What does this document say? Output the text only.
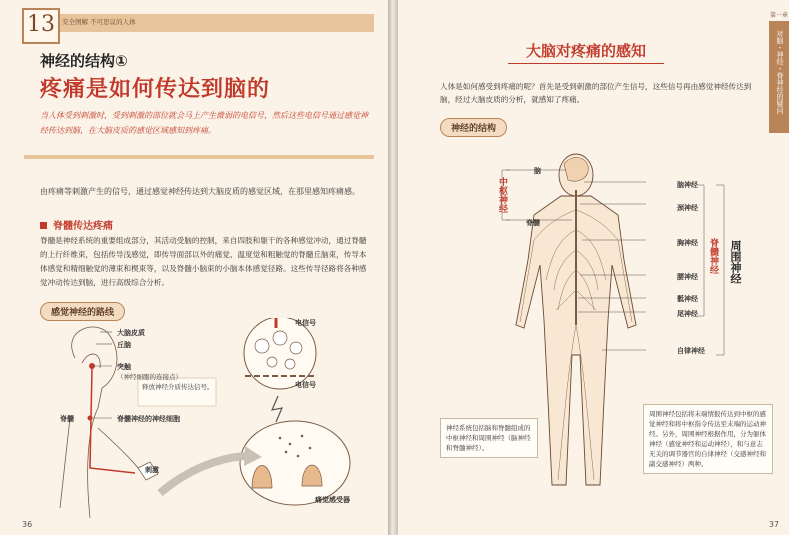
13	安全图解 不可思议的人体
神经的结构①
疼痛是如何传达到脑的
当人体受到刺激时，受到刺激的部位就会马上产生微弱的电信号，然后这些电信号通过感觉神经传达到脑，在大脑皮质的感觉区域感知到疼痛。
由疼痛等刺激产生的信号，通过感觉神经传达到大脑皮质的感觉区域，在那里感知疼痛感。
脊髓传达疼痛
脊髓是神经系统的重要组成部分，其活动受脑的控制，来自四肢和躯干的各种感觉冲动，通过脊髓的上行纤维束，包括传导浅感觉，即传导面部以外的痛觉、温度觉和粗触觉的脊髓丘脑束，传导本体感觉和精细触觉的薄束和楔束等，以及脊髓小脑束的小脑本体感觉径路。这些传导径路将各种感觉冲动传达到脑，进行高级综合分析。
感觉神经的路线
大脑皮质
丘脑
突触
（神经细胞的连接点）
脊髓	脊髓神经的神经细胞
刺激
释放神经介质传达信号。
电信号
电信号
痛觉感受器
36
第一章
对脑・神经・脊神经的疑问
大脑对疼痛的感知
人体是如何感受到疼痛的呢？首先是受到刺激的部位产生信号，这些信号再由感觉神经传达到脑，经过大脑皮质的分析，就感知了疼痛。
神经的结构
脑
中枢神经
脊髓
脑神经
颈神经
胸神经
腰神经
骶神经
尾神经
脊髓神经 周围神经
自律神经
神经系统包括脑和脊髓组成的中枢神经和周围神经（脑神经和脊髓神经）。
周围神经包括将末端情报传达到中枢的感觉神经和将中枢指令传达至末端的运动神经。另外，周围神经根据作用，分为躯体神经（感觉神经和运动神经），和与意志无关的调节器官的自律神经（交感神经和副交感神经）两种。
37
